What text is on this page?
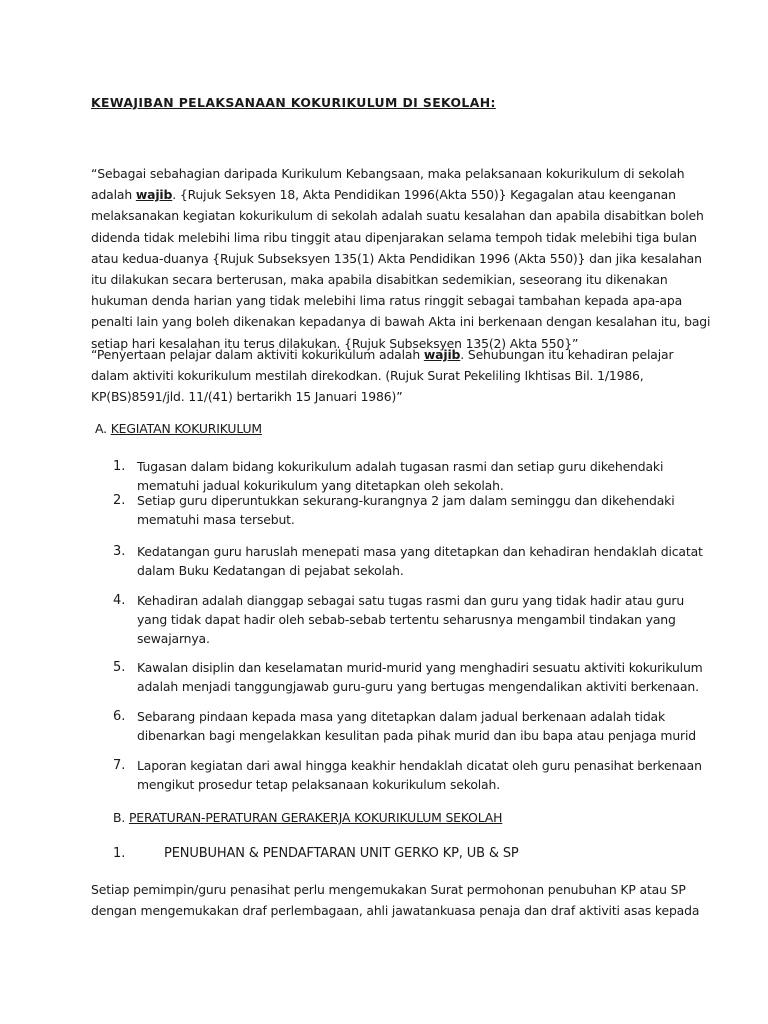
KEWAJIBAN PELAKSANAAN KOKURIKULUM DI SEKOLAH:
“Sebagai sebahagian daripada Kurikulum Kebangsaan, maka pelaksanaan kokurikulum di sekolah
adalah wajib. {Rujuk Seksyen 18, Akta Pendidikan 1996(Akta 550)} Kegagalan atau keenganan
melaksanakan kegiatan kokurikulum di sekolah adalah suatu kesalahan dan apabila disabitkan boleh
didenda tidak melebihi lima ribu tinggit atau dipenjarakan selama tempoh tidak melebihi tiga bulan
atau kedua-duanya {Rujuk Subseksyen 135(1) Akta Pendidikan 1996 (Akta 550)} dan jika kesalahan
itu dilakukan secara berterusan, maka apabila disabitkan sedemikian, seseorang itu dikenakan
hukuman denda harian yang tidak melebihi lima ratus ringgit sebagai tambahan kepada apa-apa
penalti lain yang boleh dikenakan kepadanya di bawah Akta ini berkenaan dengan kesalahan itu, bagi
setiap hari kesalahan itu terus dilakukan. {Rujuk Subseksyen 135(2) Akta 550}”
“Penyertaan pelajar dalam aktiviti kokurikulum adalah wajib. Sehubungan itu kehadiran pelajar
dalam aktiviti kokurikulum mestilah direkodkan. (Rujuk Surat Pekeliling Ikhtisas Bil. 1/1986,
KP(BS)8591/jld. 11/(41) bertarikh 15 Januari 1986)”
A. KEGIATAN KOKURIKULUM
1. Tugasan dalam bidang kokurikulum adalah tugasan rasmi dan setiap guru dikehendaki
mematuhi jadual kokurikulum yang ditetapkan oleh sekolah.
2. Setiap guru diperuntukkan sekurang-kurangnya 2 jam dalam seminggu dan dikehendaki
mematuhi masa tersebut.
3. Kedatangan guru haruslah menepati masa yang ditetapkan dan kehadiran hendaklah dicatat
dalam Buku Kedatangan di pejabat sekolah.
4. Kehadiran adalah dianggap sebagai satu tugas rasmi dan guru yang tidak hadir atau guru
yang tidak dapat hadir oleh sebab-sebab tertentu seharusnya mengambil tindakan yang
sewajarnya.
5. Kawalan disiplin dan keselamatan murid-murid yang menghadiri sesuatu aktiviti kokurikulum
adalah menjadi tanggungjawab guru-guru yang bertugas mengendalikan aktiviti berkenaan.
6. Sebarang pindaan kepada masa yang ditetapkan dalam jadual berkenaan adalah tidak
dibenarkan bagi mengelakkan kesulitan pada pihak murid dan ibu bapa atau penjaga murid
7. Laporan kegiatan dari awal hingga keakhir hendaklah dicatat oleh guru penasihat berkenaan
mengikut prosedur tetap pelaksanaan kokurikulum sekolah.
B. PERATURAN-PERATURAN GERAKERJA KOKURIKULUM SEKOLAH
1.	PENUBUHAN & PENDAFTARAN UNIT GERKO KP, UB & SP
Setiap pemimpin/guru penasihat perlu mengemukakan Surat permohonan penubuhan KP atau SP
dengan mengemukakan draf perlembagaan, ahli jawatankuasa penaja dan draf aktiviti asas kepada
